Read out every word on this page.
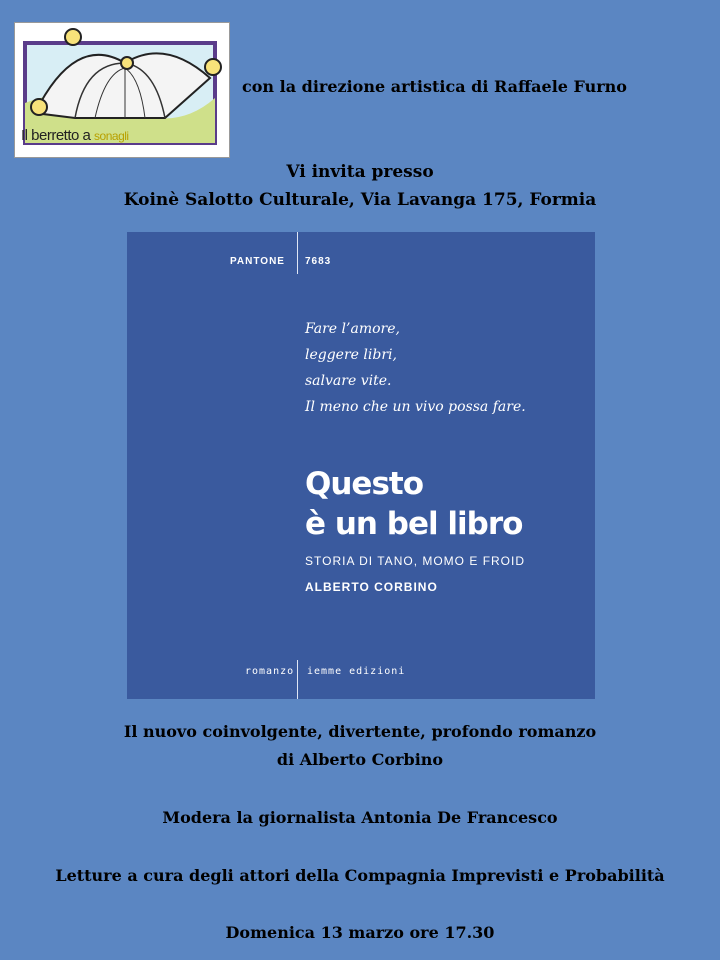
Il berretto a sonagli
con la direzione artistica di Raffaele Furno
Vi invita presso
Koinè Salotto Culturale, Via Lavanga 175, Formia
PANTONE 7683
Fare l’amore,
leggere libri,
salvare vite.
Il meno che un vivo possa fare.
Questo
è un bel libro
STORIA DI TANO, MOMO E FROID
ALBERTO CORBINO
romanzo iemme edizioni
Il nuovo coinvolgente, divertente, profondo romanzo
di Alberto Corbino
Modera la giornalista Antonia De Francesco
Letture a cura degli attori della Compagnia Imprevisti e Probabilità
Domenica 13 marzo ore 17.30
